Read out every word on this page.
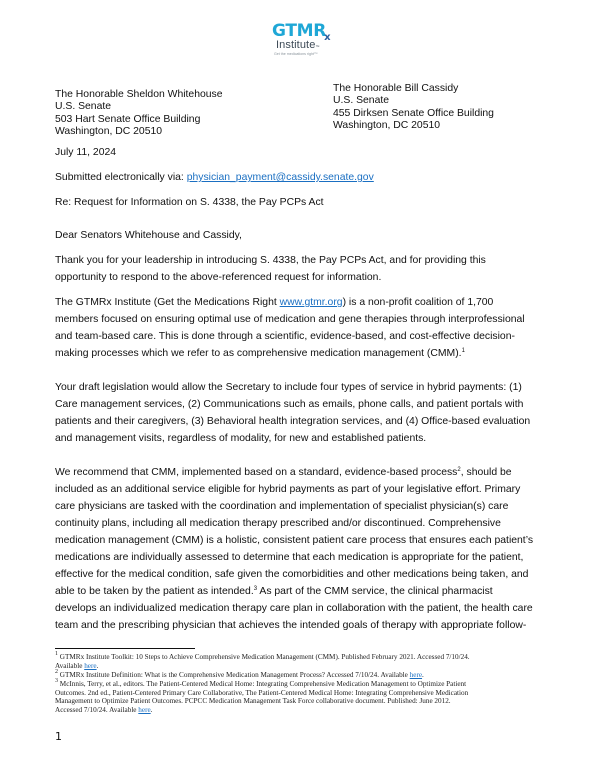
$GTMR_x$
Institute™
Get the medications right™
The Honorable Sheldon Whitehouse
U.S. Senate
503 Hart Senate Office Building
Washington, DC 20510
The Honorable Bill Cassidy
U.S. Senate
455 Dirksen Senate Office Building
Washington, DC 20510
July 11, 2024
Submitted electronically via: physician_payment@cassidy.senate.gov
Re: Request for Information on S. 4338, the Pay PCPs Act
Dear Senators Whitehouse and Cassidy,
Thank you for your leadership in introducing S. 4338, the Pay PCPs Act, and for providing this
opportunity to respond to the above-referenced request for information.
The GTMRx Institute (Get the Medications Right www.gtmr.org) is a non-profit coalition of 1,700
members focused on ensuring optimal use of medication and gene therapies through interprofessional
and team-based care. This is done through a scientific, evidence-based, and cost-effective decision-
making processes which we refer to as comprehensive medication management (CMM).$^1$
Your draft legislation would allow the Secretary to include four types of service in hybrid payments: (1)
Care management services, (2) Communications such as emails, phone calls, and patient portals with
patients and their caregivers, (3) Behavioral health integration services, and (4) Office-based evaluation
and management visits, regardless of modality, for new and established patients.
We recommend that CMM, implemented based on a standard, evidence-based process$^2$, should be
included as an additional service eligible for hybrid payments as part of your legislative effort. Primary
care physicians are tasked with the coordination and implementation of specialist physician(s) care
continuity plans, including all medication therapy prescribed and/or discontinued. Comprehensive
medication management (CMM) is a holistic, consistent patient care process that ensures each patient’s
medications are individually assessed to determine that each medication is appropriate for the patient,
effective for the medical condition, safe given the comorbidities and other medications being taken, and
able to be taken by the patient as intended.$^3$ As part of the CMM service, the clinical pharmacist
develops an individualized medication therapy care plan in collaboration with the patient, the health care
team and the prescribing physician that achieves the intended goals of therapy with appropriate follow-
$^1$ GTMRx Institute Toolkit: 10 Steps to Achieve Comprehensive Medication Management (CMM). Published February 2021. Accessed 7/10/24.
Available here.
$^2$ GTMRx Institute Definition: What is the Comprehensive Medication Management Process? Accessed 7/10/24. Available here.
$^3$ McInnis, Terry, et al., editors. The Patient-Centered Medical Home: Integrating Comprehensive Medication Management to Optimize Patient
Outcomes. 2nd ed., Patient-Centered Primary Care Collaborative, The Patient-Centered Medical Home: Integrating Comprehensive Medication
Management to Optimize Patient Outcomes. PCPCC Medication Management Task Force collaborative document. Published: June 2012.
Accessed 7/10/24. Available here.
1
